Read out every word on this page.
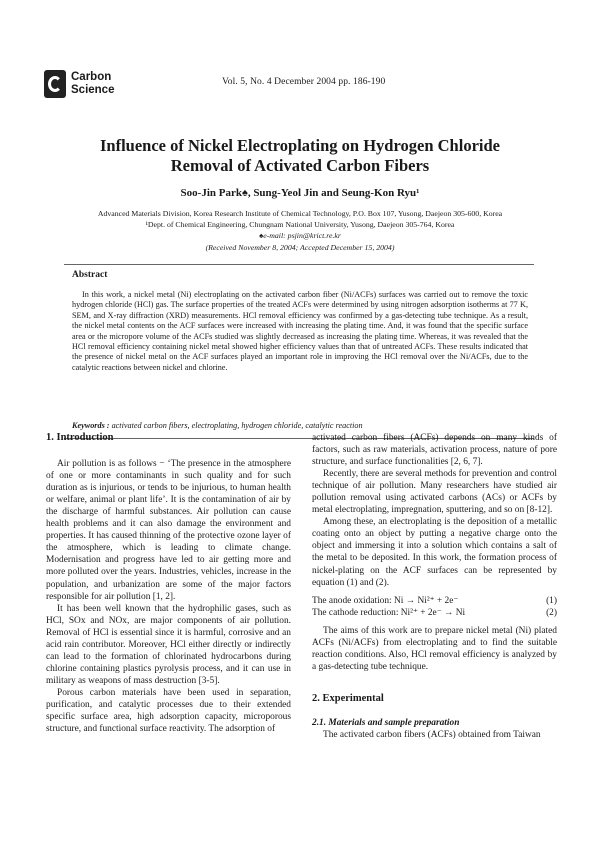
Carbon
Science
Vol. 5, No. 4 December 2004 pp. 186-190
Influence of Nickel Electroplating on Hydrogen Chloride
Removal of Activated Carbon Fibers
Soo-Jin Park♠, Sung-Yeol Jin and Seung-Kon Ryu¹
Advanced Materials Division, Korea Research Institute of Chemical Technology, P.O. Box 107, Yusong, Daejeon 305-600, Korea
¹Dept. of Chemical Engineering, Chungnam National University, Yusong, Daejeon 305-764, Korea
♠e-mail: psjin@krict.re.kr
(Received November 8, 2004; Accepted December 15, 2004)
Abstract
In this work, a nickel metal (Ni) electroplating on the activated carbon fiber (Ni/ACFs) surfaces was carried out to remove the toxic hydrogen chloride (HCl) gas. The surface properties of the treated ACFs were determined by using nitrogen adsorption isotherms at 77 K, SEM, and X-ray diffraction (XRD) measurements. HCl removal efficiency was confirmed by a gas-detecting tube technique. As a result, the nickel metal contents on the ACF surfaces were increased with increasing the plating time. And, it was found that the specific surface area or the micropore volume of the ACFs studied was slightly decreased as increasing the plating time. Whereas, it was revealed that the HCl removal efficiency containing nickel metal showed higher efficiency values than that of untreated ACFs. These results indicated that the presence of nickel metal on the ACF surfaces played an important role in improving the HCl removal over the Ni/ACFs, due to the catalytic reactions between nickel and chlorine.
Keywords : activated carbon fibers, electroplating, hydrogen chloride, catalytic reaction

1. Introduction

Air pollution is as follows − ‘The presence in the atmosphere of one or more contaminants in such quality and for such duration as is injurious, or tends to be injurious, to human health or welfare, animal or plant life’. It is the contamination of air by the discharge of harmful substances. Air pollution can cause health problems and it can also damage the environment and properties. It has caused thinning of the protective ozone layer of the atmosphere, which is leading to climate change. Modernisation and progress have led to air getting more and more polluted over the years. Industries, vehicles, increase in the population, and urbanization are some of the major factors responsible for air pollution [1, 2].

It has been well known that the hydrophilic gases, such as HCl, SOx and NOx, are major components of air pollution. Removal of HCl is essential since it is harmful, corrosive and an acid rain contributor. Moreover, HCl either directly or indirectly can lead to the formation of chlorinated hydrocarbons during chlorine containing plastics pyrolysis process, and it can use in military as weapons of mass destruction [3-5].

Porous carbon materials have been used in separation, purification, and catalytic processes due to their extended specific surface area, high adsorption capacity, microporous structure, and functional surface reactivity. The adsorption of

activated carbon fibers (ACFs) depends on many kinds of factors, such as raw materials, activation process, nature of pore structure, and surface functionalities [2, 6, 7].

Recently, there are several methods for prevention and control technique of air pollution. Many researchers have studied air pollution removal using activated carbons (ACs) or ACFs by metal electroplating, impregnation, sputtering, and so on [8-12].

Among these, an electroplating is the deposition of a metallic coating onto an object by putting a negative charge onto the object and immersing it into a solution which contains a salt of the metal to be deposited. In this work, the formation process of nickel-plating on the ACF surfaces can be represented by equation (1) and (2).

The anode oxidation: Ni → Ni²⁺ + 2e⁻	(1)
The cathode reduction: Ni²⁺ + 2e⁻ → Ni	(2)

The aims of this work are to prepare nickel metal (Ni) plated ACFs (Ni/ACFs) from electroplating and to find the suitable reaction conditions. Also, HCl removal efficiency is analyzed by a gas-detecting tube technique.

2. Experimental

2.1. Materials and sample preparation

The activated carbon fibers (ACFs) obtained from Taiwan
